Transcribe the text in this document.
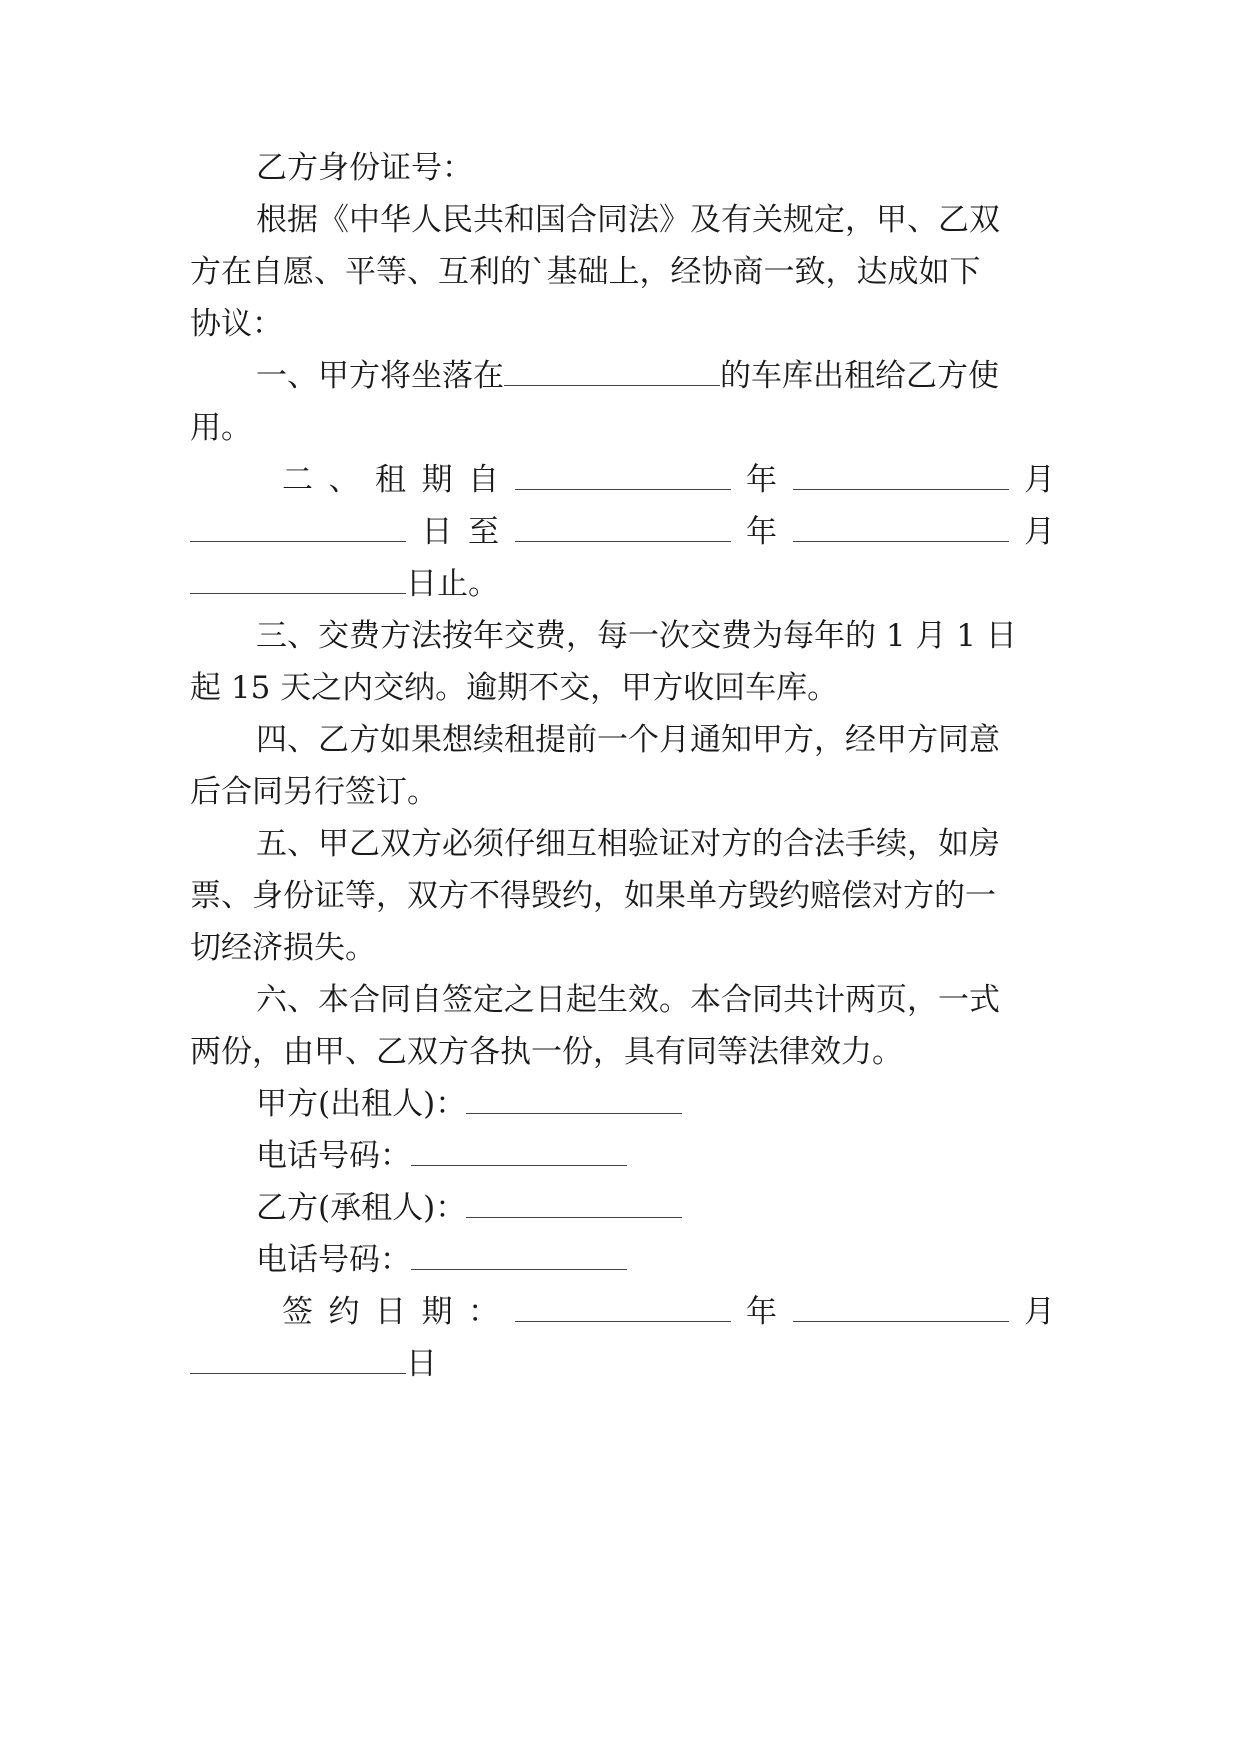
乙方身份证号：
根据《中华人民共和国合同法》及有关规定，甲、乙双
方在自愿、平等、互利的`基础上，经协商一致，达成如下
协议：
一、甲方将坐落在	的车库出租给乙方使
用。
二 、 租 期 自	年	月
日 至	年	月
日止。
三、交费方法按年交费，每一次交费为每年的 1 月 1 日
起 15 天之内交纳。逾期不交，甲方收回车库。
四、乙方如果想续租提前一个月通知甲方，经甲方同意
后合同另行签订。
五、甲乙双方必须仔细互相验证对方的合法手续，如房
票、身份证等，双方不得毁约，如果单方毁约赔偿对方的一
切经济损失。
六、本合同自签定之日起生效。本合同共计两页，一式
两份，由甲、乙双方各执一份，具有同等法律效力。
甲方(出租人)：
电话号码：
乙方(承租人)：
电话号码：
签 约 日 期 ：	年	月
日
